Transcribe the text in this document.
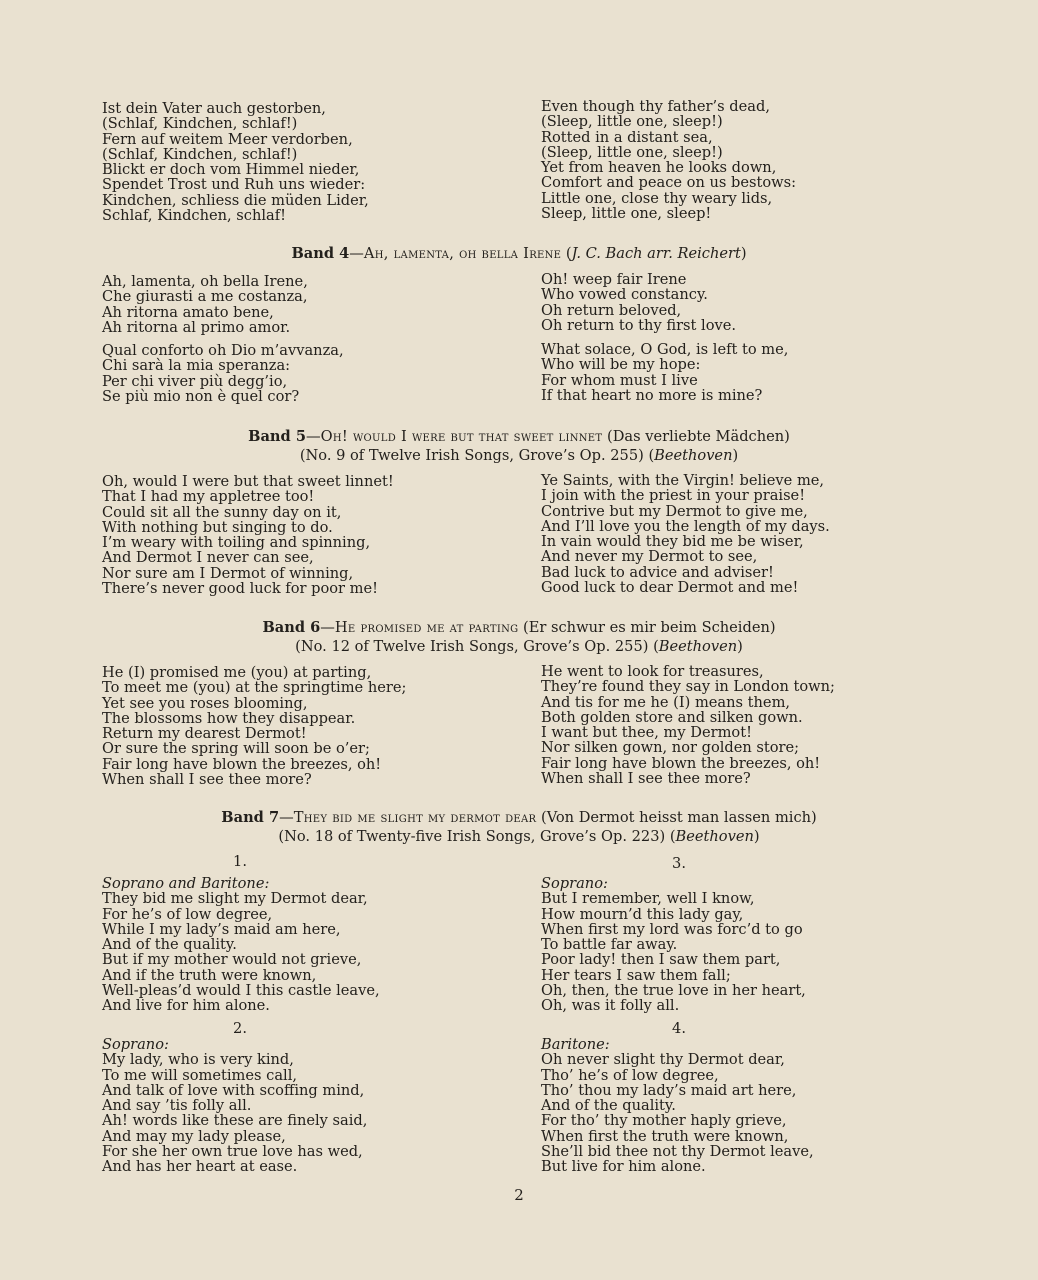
Ist dein Vater auch gestorben,
(Schlaf, Kindchen, schlaf!)
Fern auf weitem Meer verdorben,
(Schlaf, Kindchen, schlaf!)
Blickt er doch vom Himmel nieder,
Spendet Trost und Ruh uns wieder:
Kindchen, schliess die müden Lider,
Schlaf, Kindchen, schlaf!
Even though thy father’s dead,
(Sleep, little one, sleep!)
Rotted in a distant sea,
(Sleep, little one, sleep!)
Yet from heaven he looks down,
Comfort and peace on us bestows:
Little one, close thy weary lids,
Sleep, little one, sleep!
Band 4—Ah, lamenta, oh bella Irene (J. C. Bach arr. Reichert)
Ah, lamenta, oh bella Irene,
Che giurasti a me costanza,
Ah ritorna amato bene,
Ah ritorna al primo amor.
Oh! weep fair Irene
Who vowed constancy.
Oh return beloved,
Oh return to thy first love.
Qual conforto oh Dio m’avvanza,
Chi sarà la mia speranza:
Per chi viver più degg’io,
Se più mio non è quel cor?
What solace, O God, is left to me,
Who will be my hope:
For whom must I live
If that heart no more is mine?
Band 5—Oh! would I were but that sweet linnet (Das verliebte Mädchen)
(No. 9 of Twelve Irish Songs, Grove’s Op. 255) (Beethoven)
Oh, would I were but that sweet linnet!
That I had my appletree too!
Could sit all the sunny day on it,
With nothing but singing to do.
I’m weary with toiling and spinning,
And Dermot I never can see,
Nor sure am I Dermot of winning,
There’s never good luck for poor me!
Ye Saints, with the Virgin! believe me,
I join with the priest in your praise!
Contrive but my Dermot to give me,
And I’ll love you the length of my days.
In vain would they bid me be wiser,
And never my Dermot to see,
Bad luck to advice and adviser!
Good luck to dear Dermot and me!
Band 6—He promised me at parting (Er schwur es mir beim Scheiden)
(No. 12 of Twelve Irish Songs, Grove’s Op. 255) (Beethoven)
He (I) promised me (you) at parting,
To meet me (you) at the springtime here;
Yet see you roses blooming,
The blossoms how they disappear.
Return my dearest Dermot!
Or sure the spring will soon be o’er;
Fair long have blown the breezes, oh!
When shall I see thee more?
He went to look for treasures,
They’re found they say in London town;
And tis for me he (I) means them,
Both golden store and silken gown.
I want but thee, my Dermot!
Nor silken gown, nor golden store;
Fair long have blown the breezes, oh!
When shall I see thee more?
Band 7—They bid me slight my dermot dear (Von Dermot heisst man lassen mich)
(No. 18 of Twenty-five Irish Songs, Grove’s Op. 223) (Beethoven)
1.
Soprano and Baritone:
They bid me slight my Dermot dear,
For he’s of low degree,
While I my lady’s maid am here,
And of the quality.
But if my mother would not grieve,
And if the truth were known,
Well-pleas’d would I this castle leave,
And live for him alone.
2.
Soprano:
My lady, who is very kind,
To me will sometimes call,
And talk of love with scoffing mind,
And say ’tis folly all.
Ah! words like these are finely said,
And may my lady please,
For she her own true love has wed,
And has her heart at ease.
3.
Soprano:
But I remember, well I know,
How mourn’d this lady gay,
When first my lord was forc’d to go
To battle far away.
Poor lady! then I saw them part,
Her tears I saw them fall;
Oh, then, the true love in her heart,
Oh, was it folly all.
4.
Baritone:
Oh never slight thy Dermot dear,
Tho’ he’s of low degree,
Tho’ thou my lady’s maid art here,
And of the quality.
For tho’ thy mother haply grieve,
When first the truth were known,
She’ll bid thee not thy Dermot leave,
But live for him alone.
2
